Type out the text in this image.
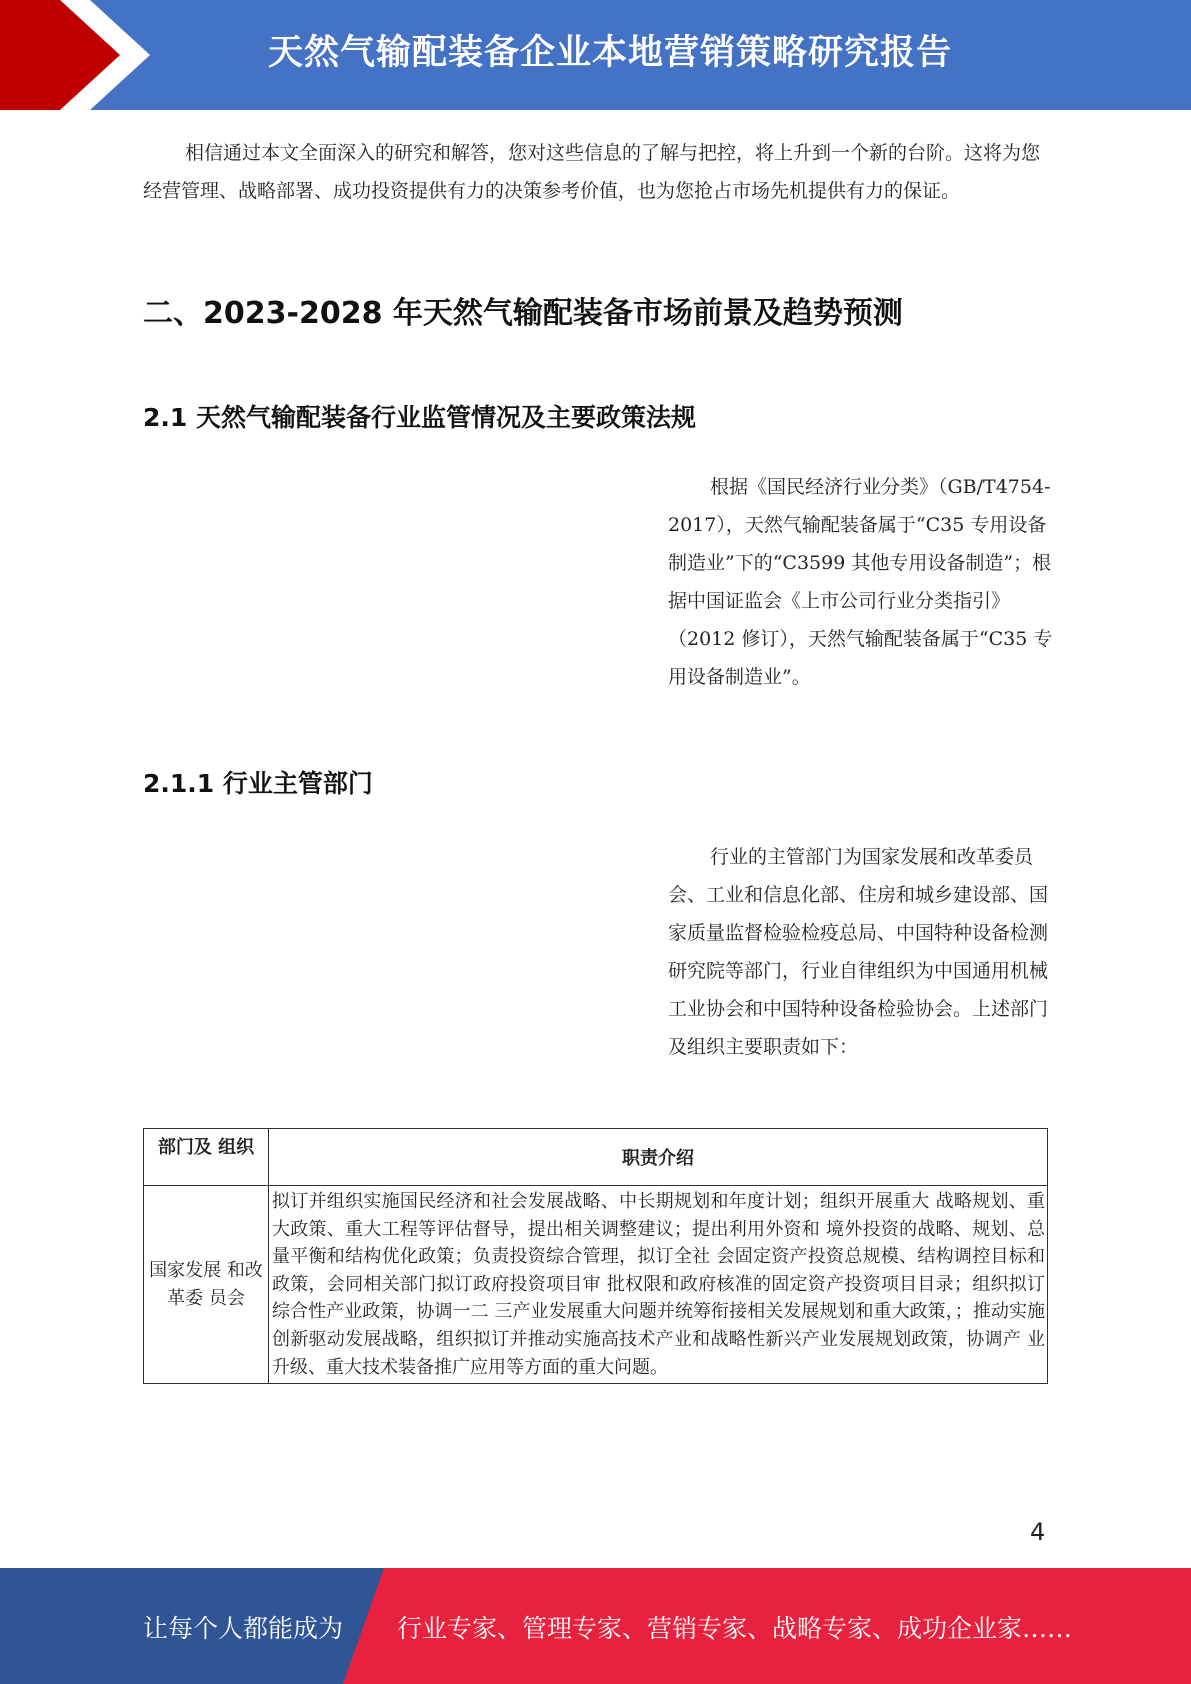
天然气输配装备企业本地营销策略研究报告

相信通过本文全面深入的研究和解答，您对这些信息的了解与把控，将上升到一个新的台阶。这将为您经营管理、战略部署、成功投资提供有力的决策参考价值，也为您抢占市场先机提供有力的保证。

二、2023-2028 年天然气输配装备市场前景及趋势预测
2.1 天然气输配装备行业监管情况及主要政策法规

根据《国民经济行业分类》（GB/T4754-2017），天然气输配装备属于“C35 专用设备制造业”下的“C3599 其他专用设备制造”；根据中国证监会《上市公司行业分类指引》（2012 修订），天然气输配装备属于“C35 专用设备制造业”。

2.1.1 行业主管部门

行业的主管部门为国家发展和改革委员会、工业和信息化部、住房和城乡建设部、国家质量监督检验检疫总局、中国特种设备检测研究院等部门，行业自律组织为中国通用机械工业协会和中国特种设备检验协会。上述部门及组织主要职责如下：

部门及 组织	职责介绍
国家发展 和改革委 员会	拟订并组织实施国民经济和社会发展战略、中长期规划和年度计划；组织开展重大 战略规划、重大政策、重大工程等评估督导，提出相关调整建议；提出利用外资和 境外投资的战略、规划、总量平衡和结构优化政策；负责投资综合管理，拟订全社 会固定资产投资总规模、结构调控目标和政策，会同相关部门拟订政府投资项目审 批权限和政府核准的固定资产投资项目目录；组织拟订综合性产业政策，协调一二 三产业发展重大问题并统筹衔接相关发展规划和重大政策，；推动实施创新驱动发展战略，组织拟订并推动实施高技术产业和战略性新兴产业发展规划政策，协调产 业升级、重大技术装备推广应用等方面的重大问题。
4
让每个人都能成为 行业专家、管理专家、营销专家、战略专家、成功企业家……
